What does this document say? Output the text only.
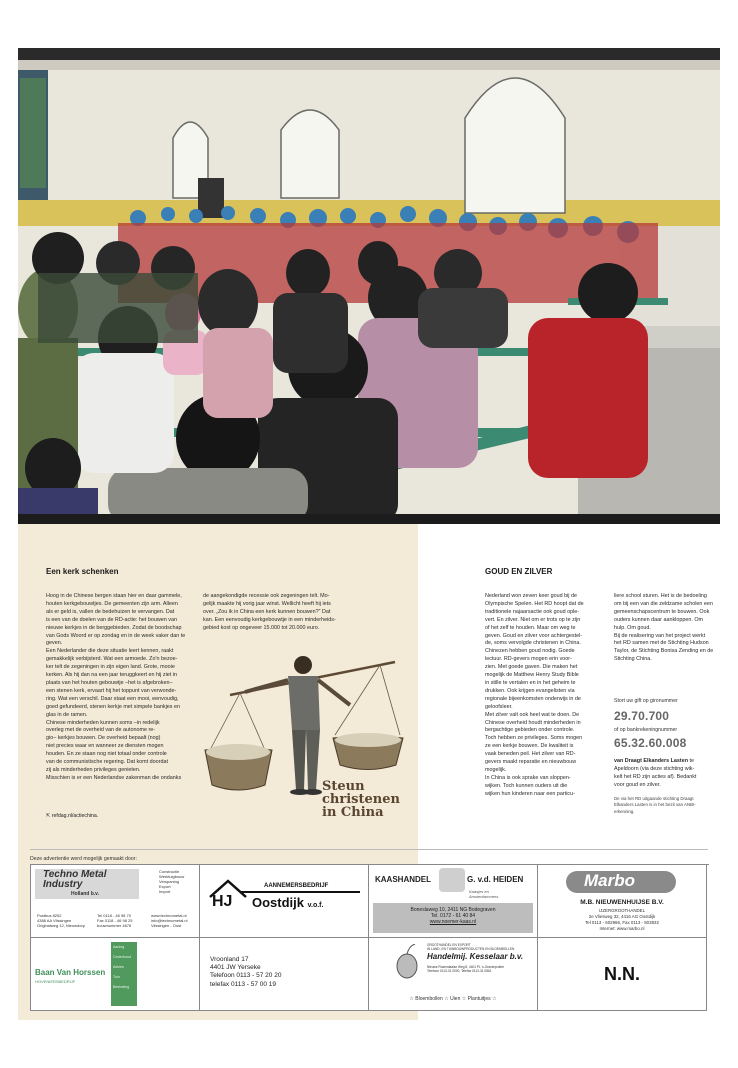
Een kerk schenken
Hoog in de Chinese bergen staan hier en daar gammele,
houten kerkgebouwtjes. De gemeenten zijn arm. Alleen
als er geld is, vallen de bedehuizen te vervangen. Dat
is een van de doelen van de RD-actie: het bouwen van
nieuwe kerkjes in de berggebieden. Zodat de boodschap
van Gods Woord er op zondag en in de week vaker dan te
geven.
Een Nederlander die deze situatie leert kennen, raakt
gemakkelijk verbijsterd. Wat een armoede. Zo'n bezoe-
ker telt de zegeningen in zijn eigen land. Grote, mooie
kerken. Als hij dan na een jaar teruggkeert en hij ziet in
plaats van het houten gebouwtje –het is afgebroken–
een stenen kerk, ervaart hij het toppunt van verwonde-
ring. Wat een verschil. Daar staat een mooi, eenvoudig,
goed gefundeerd, stenen kerkje met simpele bankjes en
glas in de ramen.
Chinese minderheden kunnen soms –in redelijk
overleg met de overheid van de autonome re-
gio– kerkjes bouwen. De overheid bepaalt (nog)
niet precies waar en wanneer ze diensten mogen
houden. En ze staan nog niet totaal onder controle
van de communistische regering. Dat komt doordat
zij als minderheden privileges genieten.
Misschien is er een Nederlandse zakenman die ondanks
de aangekondigde recessie ook zegeningen telt. Mo-
gelijk maakte hij vorig jaar winst. Wellicht heeft hij iets
over. „Zou ik in China een kerk kunnen bouwen?” Dat
kan. Een eenvoudig kerkgebouwtje in een minderheids-
gebied kost op ongeveer 15.000 tot 20.000 euro.
⇱ refdag.nl/actiechina.
Steun
christenen
in China
GOUD EN ZILVER
Nederland won zeven keer goud bij de
Olympische Spelen. Het RD hoopt dat de
traditionele najaarsactie ook goud ople-
vert. En zilver. Niet om er trots op te zijn
of het zelf te houden. Maar om weg te
geven. Goud en zilver voor achtergestel-
de, soms vervolgde christenen in China.
Chinezen hebben goud nodig. Goede
lectuur. RD-gevers mogen erin voor-
zien. Met goede gaven. Die maken het
mogelijk de Matthew Henry Study Bible
in stille te vertalen en in het geheim te
drukken. Ook krijgen evangelisten via
regionale bijeenkomsten onderwijs in de
geloofsleer.
Met zilver valt ook heel wat te doen. De
Chinese overheid houdt minderheden in
bergachtige gebieden onder controle.
Toch hebben ze privileges. Soms mogen
ze een kerkje bouwen. De kwaliteit is
vaak beneden peil. Het zilver van RD-
gevers maakt reparatie en nieuwbouw
mogelijk.
In China is ook sprake van sloppen-
wijken. Toch kunnen ouders uit die
wijken hun kinderen naar een particu-
liere school sturen. Het is de bedoeling
om bij een van die zeldzame scholen een
gemeenschapscentrum te bouwen. Ook
ouders kunnen daar aankloppen. Om
hulp. Om goud.
Bij de realisering van het project werkt
het RD samen met de Stichting Hudson
Taylor, de Stichting Bonisa Zending en de
Stichting China.
Stort uw gift op gironummer
29.70.700
of op bankrekeningnummer
65.32.60.008
van Draagt Elkanders Lasten te
Apeldoorn (via deze stichting wik-
kelt het RD zijn acties af). Bedankt
voor goud en zilver.
De via het RD uitgaande stichting Draagt
Elkanders Lasten is in het bezit van ANBI-
erkenning.
Deze advertentie werd mogelijk gemaakt door:
Techno Metal Industry
Holland b.v.
Constructie
Werktuigbouw
Verspaning
Export
Import
Postbus 8252
4388 AA Vlissingen
Originalweg 12, Nieuwdorp
Tel 0118 - 46 98 70
Fax 0118 - 46 98 25
bouwnummer 4676
www.technometal.nl
info@technometal.nl
Vlissingen - Oost
HJ
AANNEMERSBEDRIJF
Oostdijk v.o.f.
KAASHANDEL	G. v.d. HEIDEN
Kaasjes en
Amsterdammers
Boneslaweg 10, 2411 NG Bodegraven
Tel. 0172 - 61 40 84
www.noemer-kaas.nl
Marbo
M.B. NIEUWENHUIJSE B.V.
IJZERGROOTHANDEL
2e Vliesweg 32, 4416 AG Oostdijk
Tel 0113 - 502966, Fax 0113 - 503832
Internet: www.marbo.nl
Baan Van Horssen
HOVENIERSBEDRIJF
Aanleg
Onderhoud
Advies
Tuin
Bestrating
Vroonland 17
4401 JW Yerseke
Telefoon 0113 - 57 20 20
telefax 0113 - 57 00 19
GROOTHANDEL EN EXPORT
IN LAND- EN TUINBOUWPRODUCTEN EN BLOEMBOLLEN
Handelmij. Kesselaar b.v.
Nieuwe Rosendaalse Weg 8, 4401 PL 's-Gravenpolder
Telefoon 0113-31 0000, Telefax 0113-31 0861
☆ Bloembollen ☆ Uien ☆ Plantuitjes ☆
N.N.
